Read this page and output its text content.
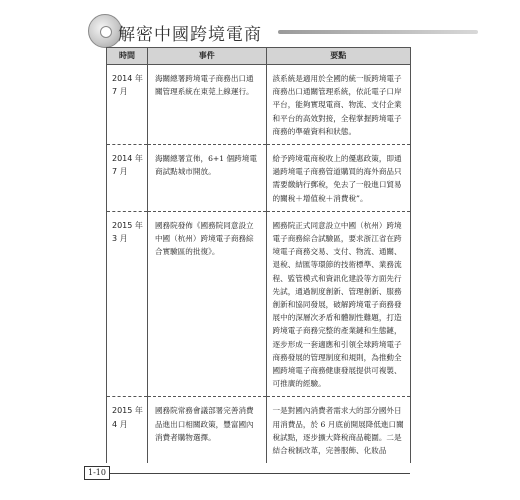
解密中國跨境電商
時間	事件	要點
2014 年 7 月	海關總署跨境電子商務出口通關管理系統在東莞上線運行。	該系統是適用於全國的統一版跨境電子商務出口通關管理系統，依託電子口岸平台，能夠實現電商、物流、支付企業和平台的高效對接，全程掌握跨境電子商務的準確資料和狀態。
2014 年 7 月	海關總署宣佈，6+1 個跨境電商試點城市開放。	給予跨境電商稅收上的優惠政策，即通過跨境電子商務管道購買的海外商品只需要繳納行郵稅，免去了一般進口貿易的關稅＋增值稅＋消費稅”。
2015 年 3 月	國務院發佈《國務院同意設立中國（杭州）跨境電子商務綜合實驗區的批復》。	國務院正式同意設立中國（杭州）跨境電子商務綜合試驗區，要求浙江省在跨境電子商務交易、支付、物流、通關、退稅、結匯等環節的技術標準、業務流程、監管模式和資訊化建設等方面先行先試，通過制度創新、管理創新、服務創新和協同發展，破解跨境電子商務發展中的深層次矛盾和體制性難題，打造跨境電子商務完整的產業鏈和生態鏈，逐步形成一套適應和引領全球跨境電子商務發展的管理制度和規則，為推動全國跨境電子商務健康發展提供可複製、可推廣的經驗。
2015 年 4 月	國務院常務會議部署完善消費品進出口相關政策，豐富國內消費者購物選擇。	一是對國內消費者需求大的部分國外日用消費品，於 6 月底前開展降低進口關稅試點，逐步擴大降稅商品範圍。二是結合稅制改革，完善服飾、化妝品
1-10
